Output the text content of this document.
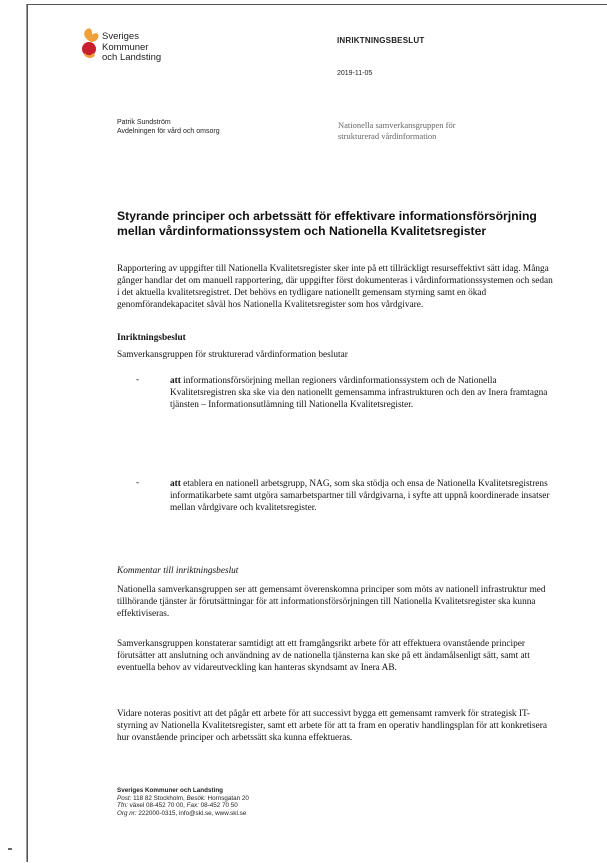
Sveriges
Kommuner
och Landsting
INRIKTNINGSBESLUT
2019-11-05
Patrik Sundström
Avdelningen för vård och omsorg
Nationella samverkansgruppen för
strukturerad vårdinformation
Styrande principer och arbetssätt för effektivare informationsförsörjning mellan vårdinformationssystem och Nationella Kvalitetsregister

Rapportering av uppgifter till Nationella Kvalitetsregister sker inte på ett tillräckligt resurseffektivt sätt idag. Många gånger handlar det om manuell rapportering, där uppgifter först dokumenteras i vårdinformationssystemen och sedan i det aktuella kvalitetsregistret. Det behövs en tydligare nationellt gemensam styrning samt en ökad genomförandekapacitet såväl hos Nationella Kvalitetsregister som hos vårdgivare.

Inriktningsbeslut
Samverkansgruppen för strukturerad vårdinformation beslutar
-	att informationsförsörjning mellan regioners vårdinformationssystem och de Nationella Kvalitetsregistren ska ske via den nationellt gemensamma infrastrukturen och den av Inera framtagna tjänsten – Informationsutlämning till Nationella Kvalitetsregister.
-	att etablera en nationell arbetsgrupp, NAG, som ska stödja och ensa de Nationella Kvalitetsregistrens informatikarbete samt utgöra samarbetspartner till vårdgivarna, i syfte att uppnå koordinerade insatser mellan vårdgivare och kvalitetsregister.
Kommentar till inriktningsbeslut

Nationella samverkansgruppen ser att gemensamt överenskomna principer som möts av nationell infrastruktur med tillhörande tjänster är förutsättningar för att informationsförsörjningen till Nationella Kvalitetsregister ska kunna effektiviseras.

Samverkansgruppen konstaterar samtidigt att ett framgångsrikt arbete för att effektuera ovanstående principer förutsätter att anslutning och användning av de nationella tjänsterna kan ske på ett ändamålsenligt sätt, samt att eventuella behov av vidareutveckling kan hanteras skyndsamt av Inera AB.

Vidare noteras positivt att det pågår ett arbete för att successivt bygga ett gemensamt ramverk för strategisk IT-styrning av Nationella Kvalitetsregister, samt ett arbete för att ta fram en operativ handlingsplan för att konkretisera hur ovanstående principer och arbetssätt ska kunna effektueras.

Sveriges Kommuner och Landsting
Post: 118 82 Stockholm, Besök: Hornsgatan 20
Tfn: växel 08-452 70 00, Fax: 08-452 70 50
Org nr: 222000-0315, info@skl.se, www.skl.se
